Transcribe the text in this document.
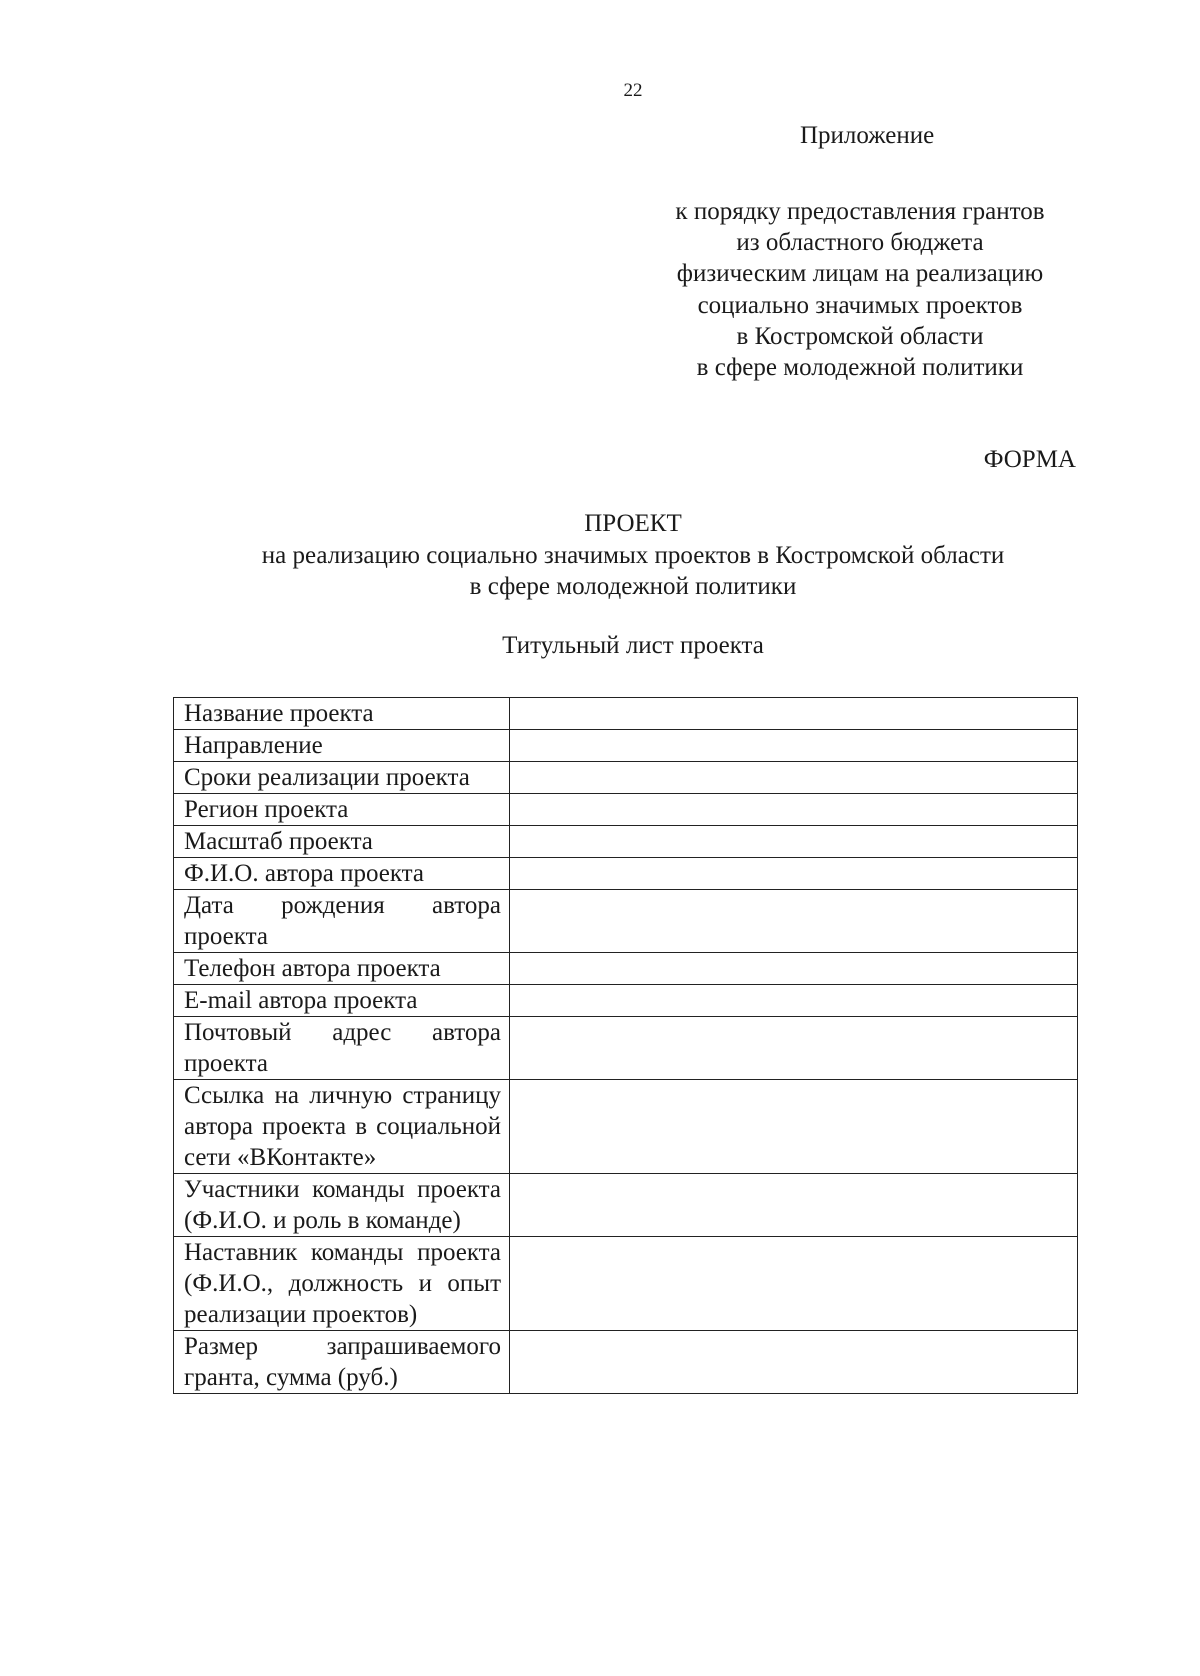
22
Приложение
к порядку предоставления грантов
из областного бюджета
физическим лицам на реализацию
социально значимых проектов
в Костромской области
в сфере молодежной политики
ФОРМА
ПРОЕКТ
на реализацию социально значимых проектов в Костромской области
в сфере молодежной политики
Титульный лист проекта
Название проекта	
Направление	
Сроки реализации проекта	
Регион проекта	
Масштаб проекта	
Ф.И.О. автора проекта	
Дата рождения автора проекта	
Телефон автора проекта	
E-mail автора проекта	
Почтовый адрес автора проекта	
Ссылка на личную страницу автора проекта в социальной сети «ВКонтакте»	
Участники команды проекта (Ф.И.О. и роль в команде)	
Наставник команды проекта (Ф.И.О., должность и опыт реализации проектов)	
Размер запрашиваемого гранта, сумма (руб.)	
